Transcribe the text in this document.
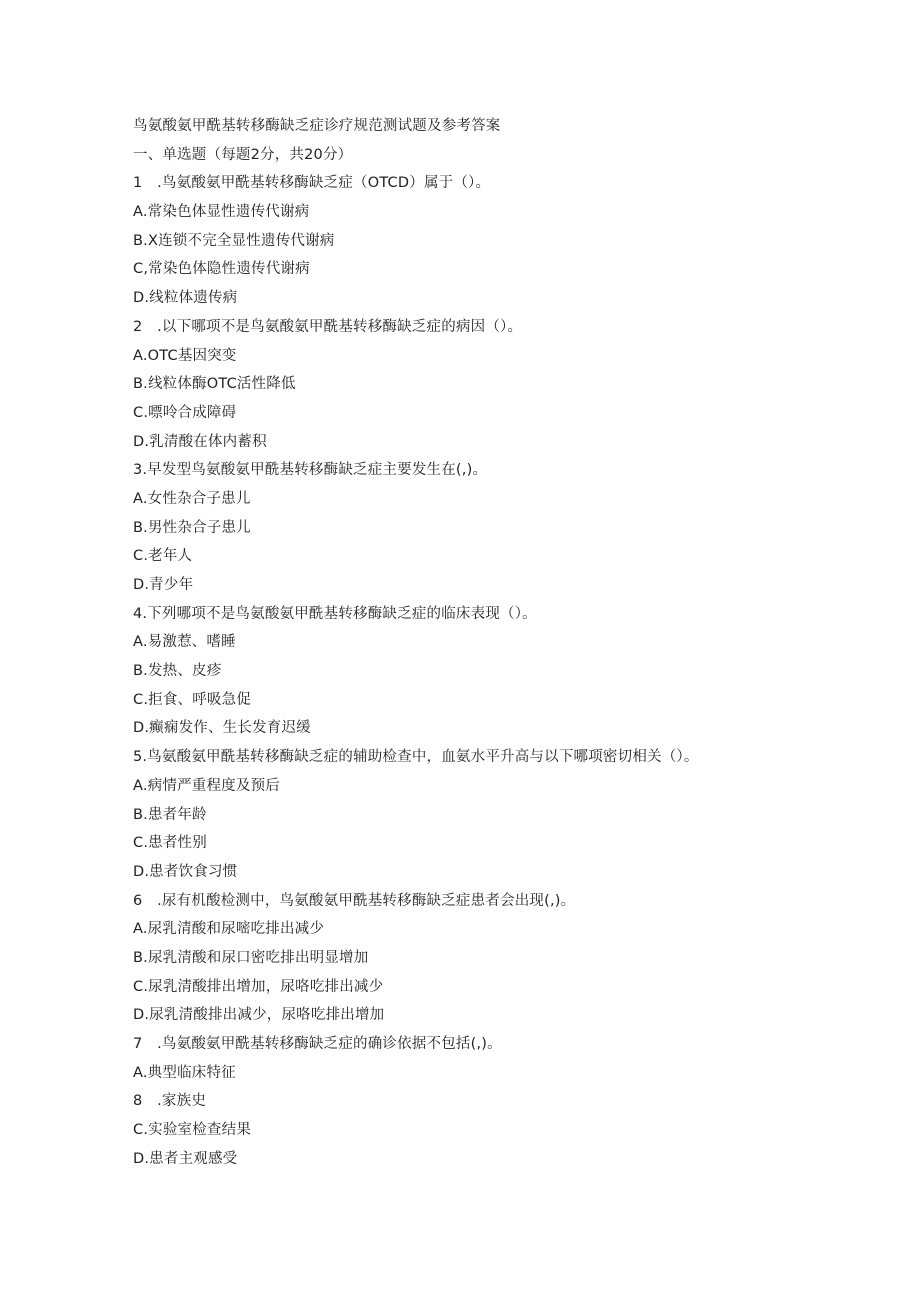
鸟氨酸氨甲酰基转移酶缺乏症诊疗规范测试题及参考答案
一、单选题（每题2分，共20分）
1　.鸟氨酸氨甲酰基转移酶缺乏症（OTCD）属于（）。
A.常染色体显性遗传代谢病
B.X连锁不完全显性遗传代谢病
C,常染色体隐性遗传代谢病
D.线粒体遗传病
2　.以下哪项不是鸟氨酸氨甲酰基转移酶缺乏症的病因（）。
A.OTC基因突变
B.线粒体酶OTC活性降低
C.嘌呤合成障碍
D.乳清酸在体内蓄积
3.早发型鸟氨酸氨甲酰基转移酶缺乏症主要发生在(,)。
A.女性杂合子患儿
B.男性杂合子患儿
C.老年人
D.青少年
4.下列哪项不是鸟氨酸氨甲酰基转移酶缺乏症的临床表现（）。
A.易激惹、嗜睡
B.发热、皮疹
C.拒食、呼吸急促
D.癫痫发作、生长发育迟缓
5.鸟氨酸氨甲酰基转移酶缺乏症的辅助检查中，血氨水平升高与以下哪项密切相关（）。
A.病情严重程度及预后
B.患者年龄
C.患者性别
D.患者饮食习惯
6　.尿有机酸检测中，鸟氨酸氨甲酰基转移酶缺乏症患者会出现(,)。
A.尿乳清酸和尿嘧吃排出减少
B.尿乳清酸和尿口密吃排出明显增加
C.尿乳清酸排出增加，尿咯吃排出减少
D.尿乳清酸排出减少，尿咯吃排出增加
7　.鸟氨酸氨甲酰基转移酶缺乏症的确诊依据不包括(,)。
A.典型临床特征
8　.家族史
C.实验室检查结果
D.患者主观感受
